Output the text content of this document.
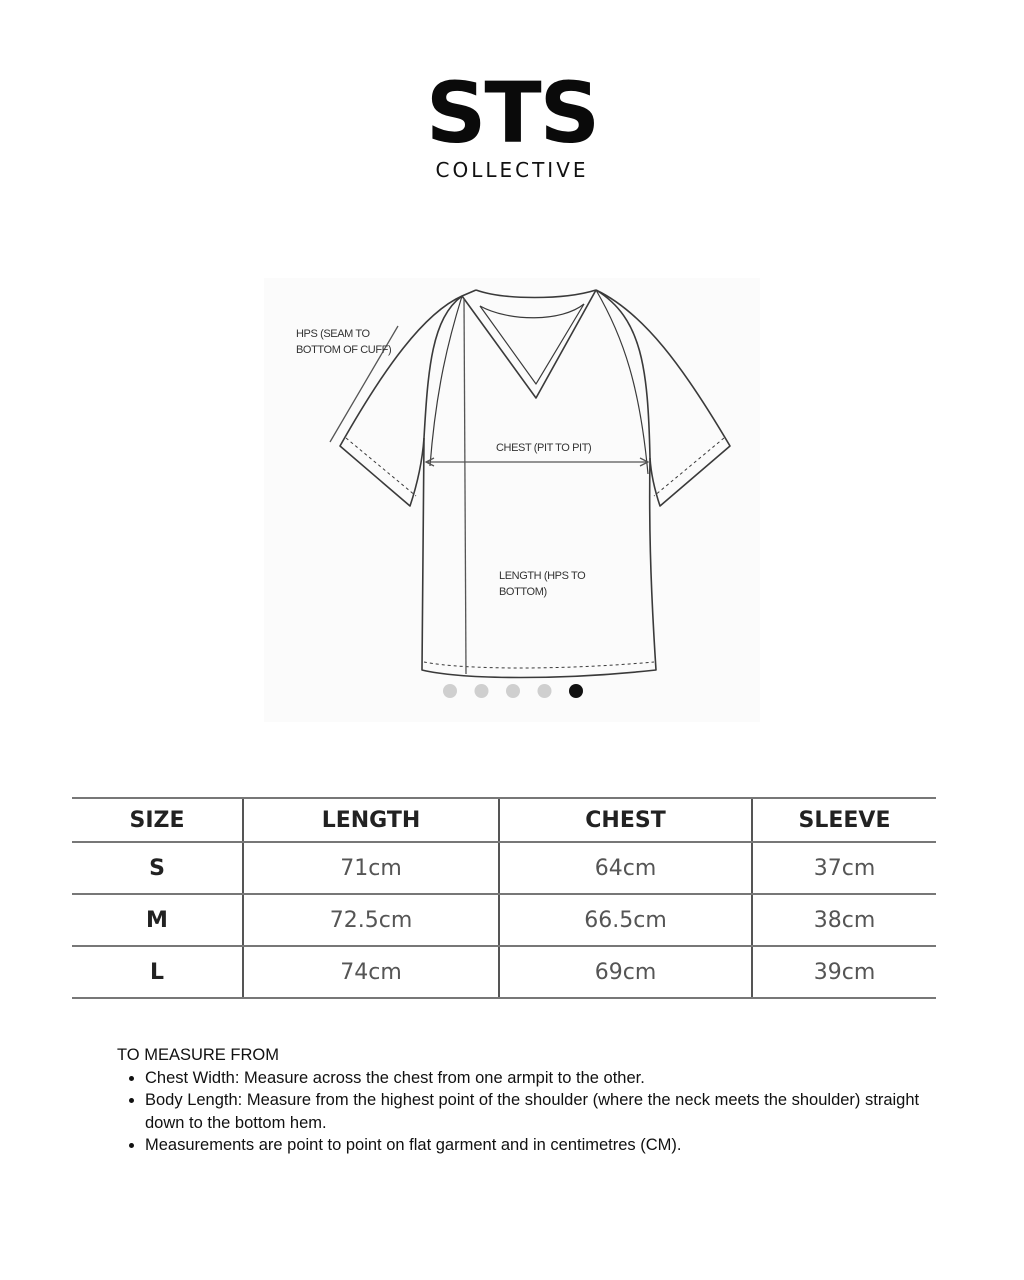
STS
COLLECTIVE
HPS (SEAM TO
BOTTOM OF CUFF)
CHEST (PIT TO PIT)
LENGTH (HPS TO
BOTTOM)
SIZE	LENGTH	CHEST	SLEEVE
S	71cm	64cm	37cm
M	72.5cm	66.5cm	38cm
L	74cm	69cm	39cm
TO MEASURE FROM
• Chest Width: Measure across the chest from one armpit to the other.
• Body Length: Measure from the highest point of the shoulder (where the neck meets the shoulder) straight down to the bottom hem.
• Measurements are point to point on flat garment and in centimetres (CM).
